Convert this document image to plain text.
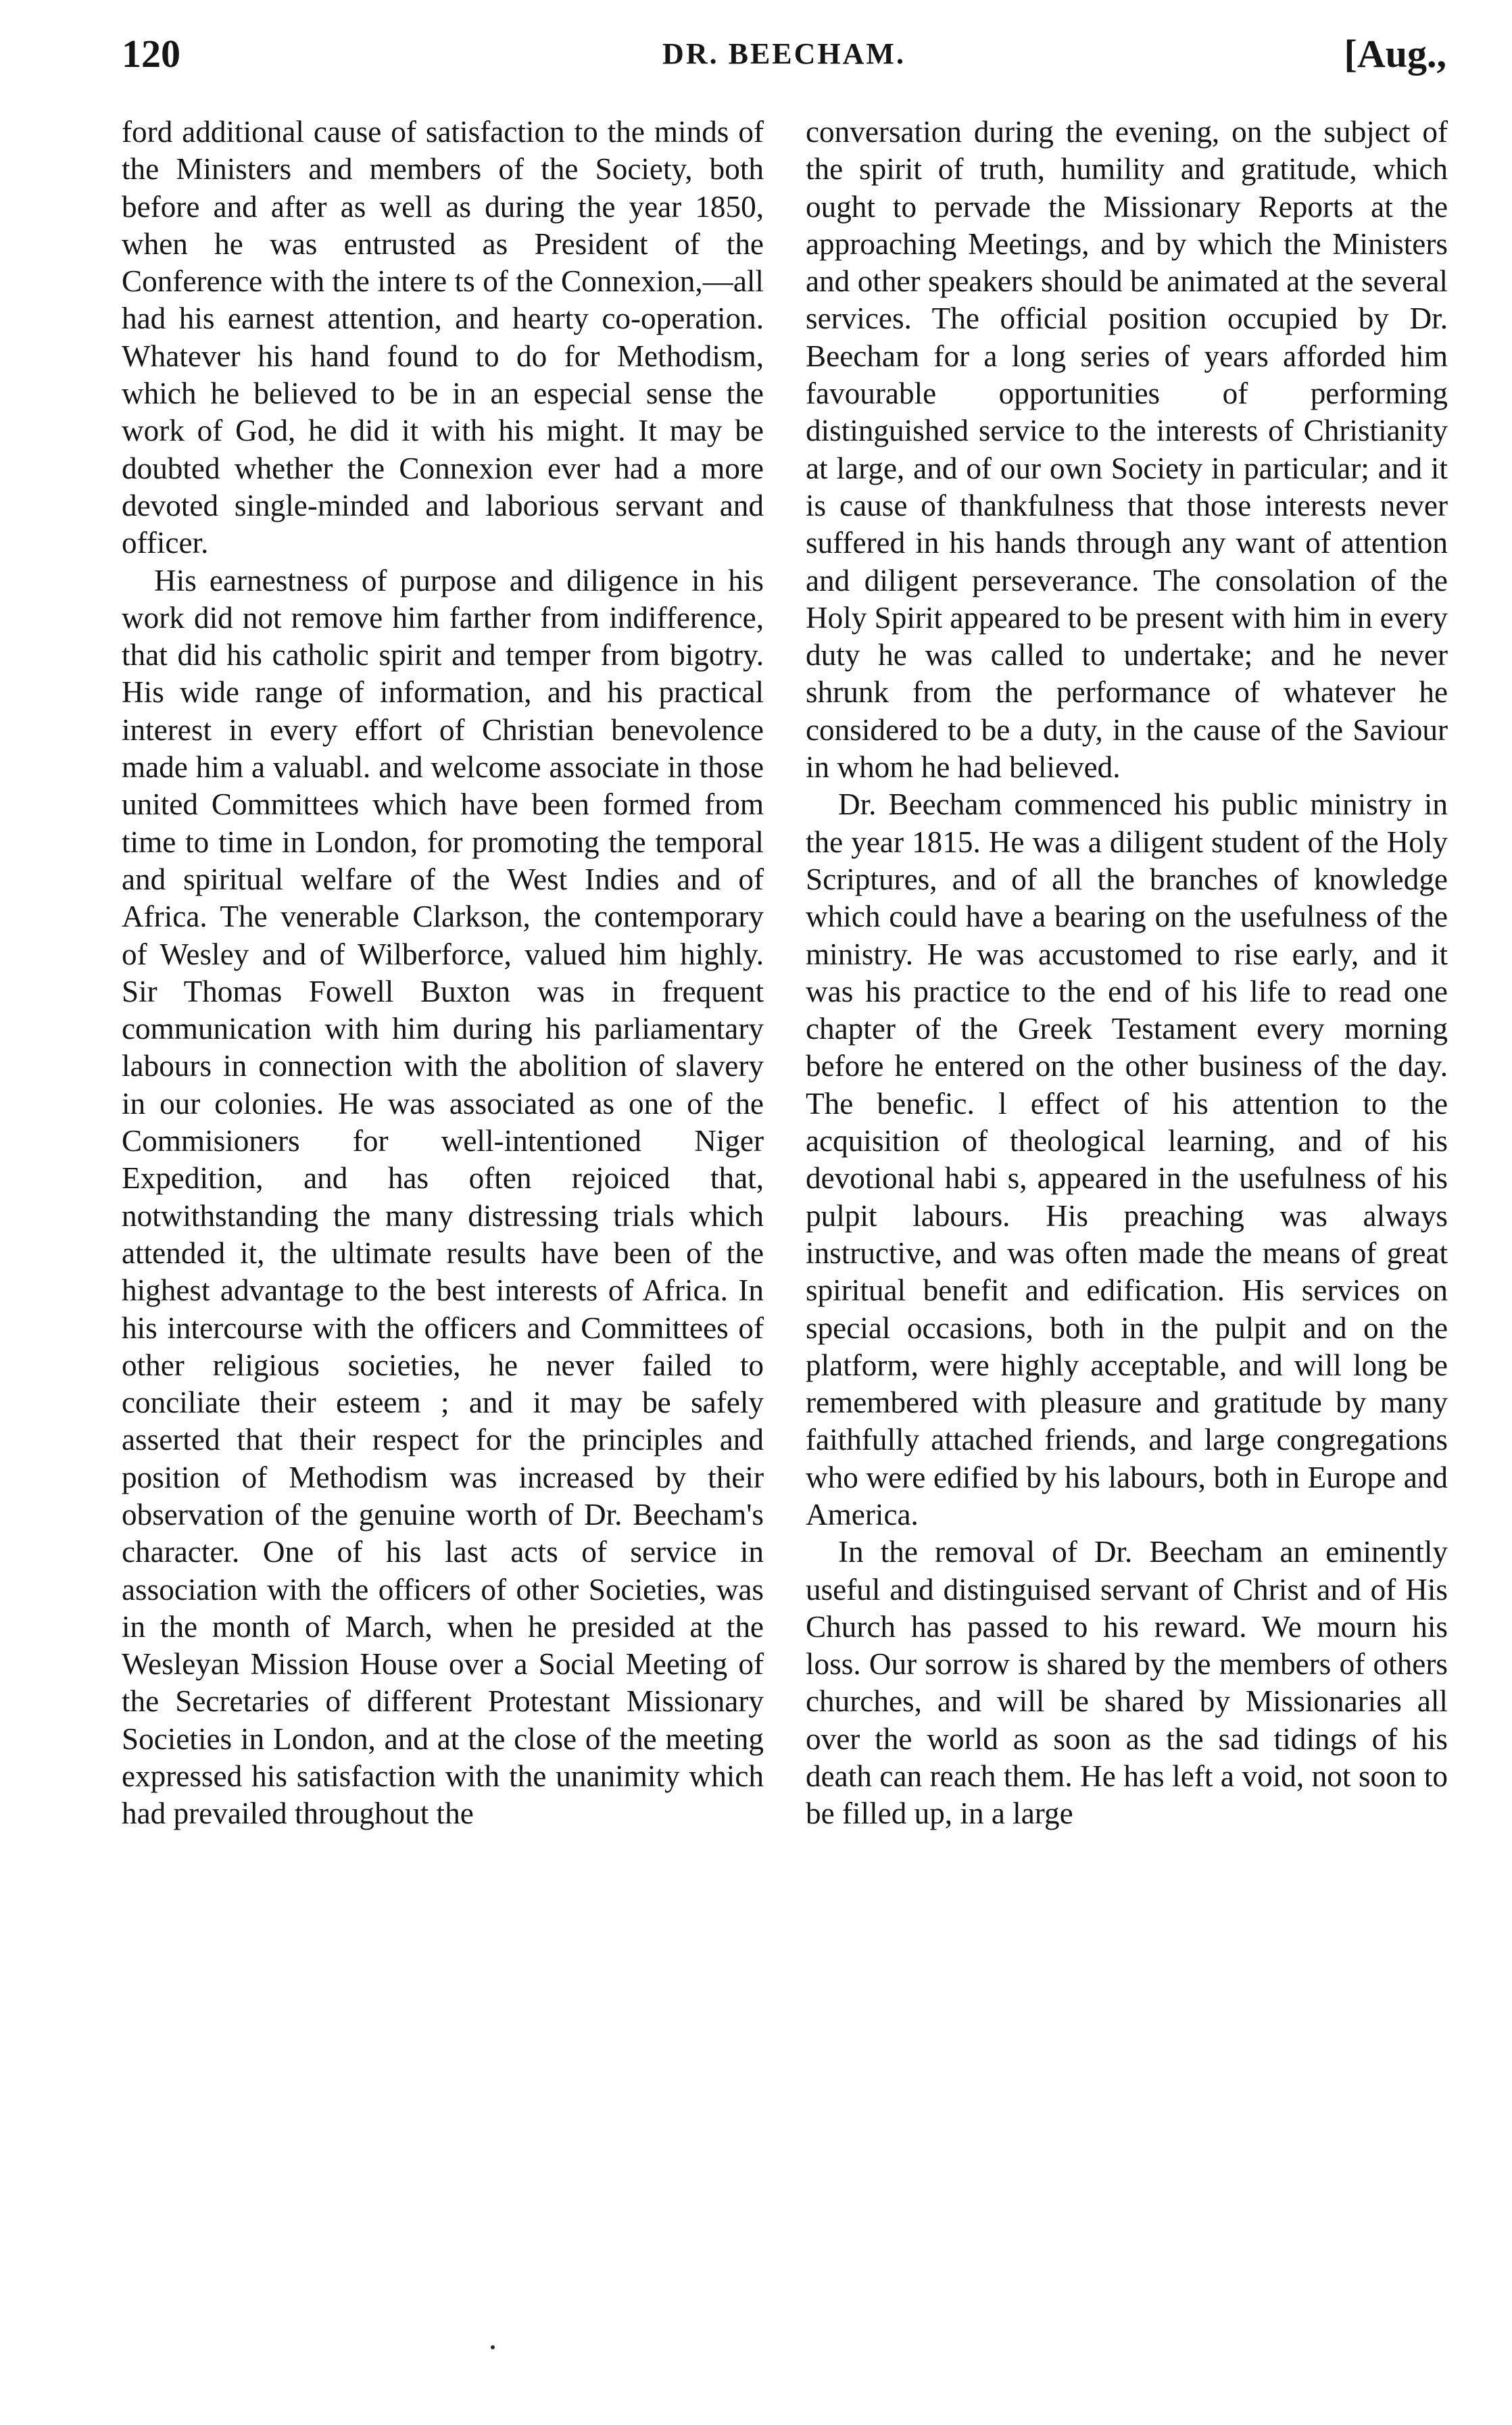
120	DR. BEECHAM.	[Aug.,

ford additional cause of satisfaction to the minds of the Ministers and members of the Society, both before and after as well as during the year 1850, when he was entrusted as President of the Conference with the intere ts of the Connexion,—all had his earnest attention, and hearty co-operation. Whatever his hand found to do for Methodism, which he believed to be in an especial sense the work of God, he did it with his might. It may be doubted whether the Connexion ever had a more devoted single-minded and laborious servant and officer.

His earnestness of purpose and diligence in his work did not remove him farther from indifference, that did his catholic spirit and temper from bigotry. His wide range of information, and his practical interest in every effort of Christian benevolence made him a valuabl. and welcome associate in those united Committees which have been formed from time to time in London, for promoting the temporal and spiritual welfare of the West Indies and of Africa. The venerable Clarkson, the contemporary of Wesley and of Wilberforce, valued him highly. Sir Thomas Fowell Buxton was in frequent communication with him during his parliamentary labours in connection with the abolition of slavery in our colonies. He was associated as one of the Commisioners for well-intentioned Niger Expedition, and has often rejoiced that, notwithstanding the many distressing trials which attended it, the ultimate results have been of the highest advantage to the best interests of Africa. In his intercourse with the officers and Committees of other religious societies, he never failed to conciliate their esteem ; and it may be safely asserted that their respect for the principles and position of Methodism was increased by their observation of the genuine worth of Dr. Beecham's character. One of his last acts of service in association with the officers of other Societies, was in the month of March, when he presided at the Wesleyan Mission House over a Social Meeting of the Secretaries of different Protestant Missionary Societies in London, and at the close of the meeting expressed his satisfaction with the unanimity which had prevailed throughout the

conversation during the evening, on the subject of the spirit of truth, humility and gratitude, which ought to pervade the Missionary Reports at the approaching Meetings, and by which the Ministers and other speakers should be animated at the several services. The official position occupied by Dr. Beecham for a long series of years afforded him favourable opportunities of performing distinguished service to the interests of Christianity at large, and of our own Society in particular; and it is cause of thankfulness that those interests never suffered in his hands through any want of attention and diligent perseverance. The consolation of the Holy Spirit appeared to be present with him in every duty he was called to undertake; and he never shrunk from the performance of whatever he considered to be a duty, in the cause of the Saviour in whom he had believed.

Dr. Beecham commenced his public ministry in the year 1815. He was a diligent student of the Holy Scriptures, and of all the branches of knowledge which could have a bearing on the usefulness of the ministry. He was accustomed to rise early, and it was his practice to the end of his life to read one chapter of the Greek Testament every morning before he entered on the other business of the day. The benefic. l effect of his attention to the acquisition of theological learning, and of his devotional habi s, appeared in the usefulness of his pulpit labours. His preaching was always instructive, and was often made the means of great spiritual benefit and edification. His services on special occasions, both in the pulpit and on the platform, were highly acceptable, and will long be remembered with pleasure and gratitude by many faithfully attached friends, and large congregations who were edified by his labours, both in Europe and America.

In the removal of Dr. Beecham an eminently useful and distinguised servant of Christ and of His Church has passed to his reward. We mourn his loss. Our sorrow is shared by the members of others churches, and will be shared by Missionaries all over the world as soon as the sad tidings of his death can reach them. He has left a void, not soon to be filled up, in a large
